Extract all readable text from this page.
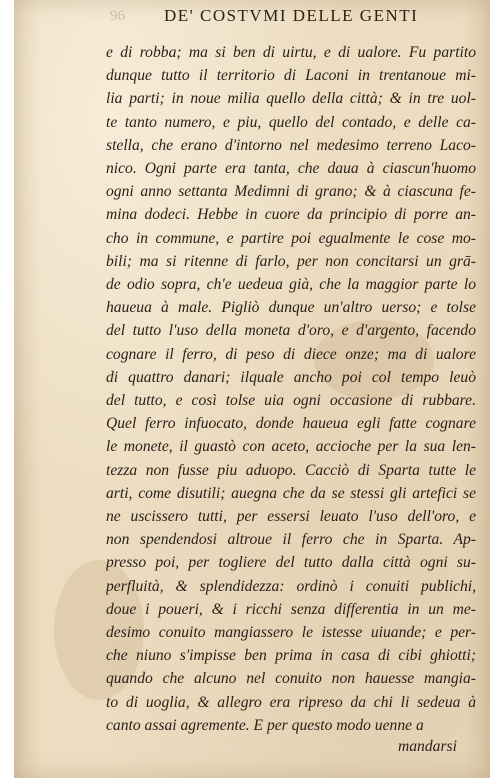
96 DE' COSTVMI DELLE GENTI
e di robba; ma si ben di uirtu, e di ualore. Fu partito
dunque tutto il territorio di Laconi in trentanoue mi-
lia parti; in noue milia quello della città; & in tre uol-
te tanto numero, e piu, quello del contado, e delle ca-
stella, che erano d'intorno nel medesimo terreno Laco-
nico. Ogni parte era tanta, che daua à ciascun'huomo
ogni anno settanta Medimni di grano; & à ciascuna fe-
mina dodeci. Hebbe in cuore da principio di porre an-
cho in commune, e partire poi egualmente le cose mo-
bili; ma si ritenne di farlo, per non concitarsi un grā-
de odio sopra, ch'e uedeua già, che la maggior parte lo
haueua à male. Pigliò dunque un'altro uerso; e tolse
del tutto l'uso della moneta d'oro, e d'argento, facendo
cognare il ferro, di peso di diece onze; ma di ualore
di quattro danari; ilquale ancho poi col tempo leuò
del tutto, e così tolse uia ogni occasione di rubbare.
Quel ferro infuocato, donde haueua egli fatte cognare
le monete, il guastò con aceto, accioche per la sua len-
tezza non fusse piu aduopo. Cacciò di Sparta tutte le
arti, come disutili; auegna che da se stessi gli artefici se
ne uscissero tutti, per essersi leuato l'uso dell'oro, e
non spendendosi altroue il ferro che in Sparta. Ap-
presso poi, per togliere del tutto dalla città ogni su-
perfluità, & splendidezza: ordinò i conuiti publichi,
doue i poueri, & i ricchi senza differentia in un me-
desimo conuito mangiassero le istesse uiuande; e per-
che niuno s'impisse ben prima in casa di cibi ghiotti;
quando che alcuno nel conuito non hauesse mangia-
to di uoglia, & allegro era ripreso da chi li sedeua à
canto assai agremente. E per questo modo uenne a
mandarsi
